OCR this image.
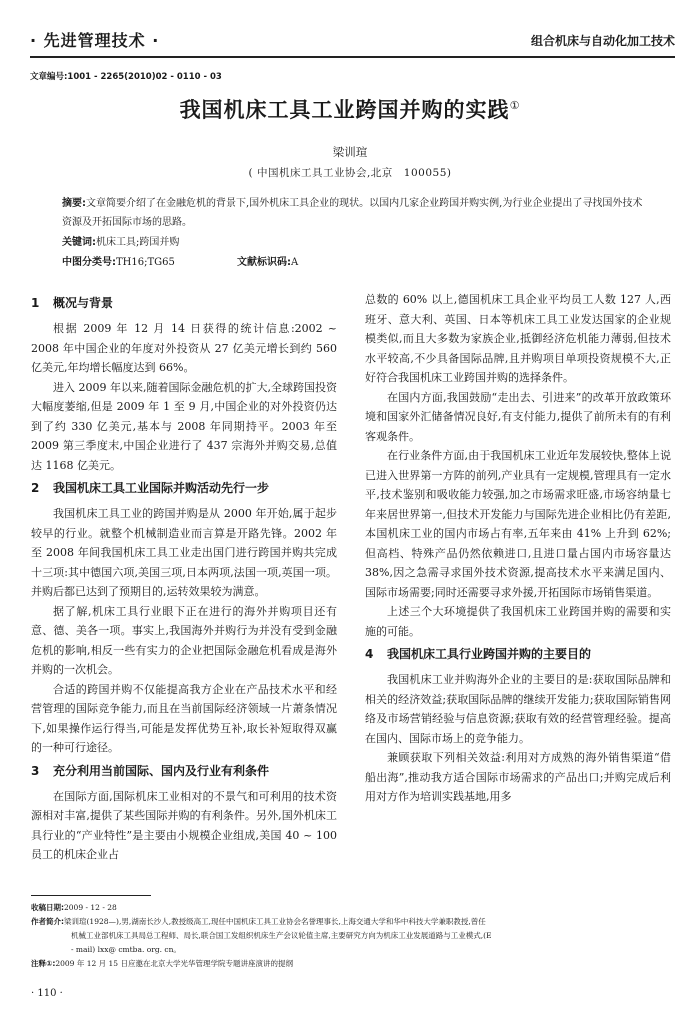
· 先进管理技术 ·	组合机床与自动化加工技术
文章编号:1001 - 2265(2010)02 - 0110 - 03
我国机床工具工业跨国并购的实践①
梁训瑄
( 中国机床工具工业协会,北京　100055)
摘要:文章简要介绍了在金融危机的背景下,国外机床工具企业的现状。以国内几家企业跨国并购实例,为行业企业提出了寻找国外技术资源及开拓国际市场的思路。
关键词:机床工具;跨国并购
中图分类号:TH16;TG65	文献标识码:A
1 概况与背景

根据 2009 年 12 月 14 日获得的统计信息:2002 ~ 2008 年中国企业的年度对外投资从 27 亿美元增长到约 560 亿美元,年均增长幅度达到 66%。

进入 2009 年以来,随着国际金融危机的扩大,全球跨国投资大幅度萎缩,但是 2009 年 1 至 9 月,中国企业的对外投资仍达到了约 330 亿美元,基本与 2008 年同期持平。2003 年至 2009 第三季度末,中国企业进行了 437 宗海外并购交易,总值达 1168 亿美元。

2 我国机床工具工业国际并购活动先行一步

我国机床工具工业的跨国并购是从 2000 年开始,属于起步较早的行业。就整个机械制造业而言算是开路先锋。2002 年至 2008 年间我国机床工具工业走出国门进行跨国并购共完成十三项:其中德国六项,美国三项,日本两项,法国一项,英国一项。并购后都已达到了预期目的,运转效果较为满意。

据了解,机床工具行业眼下正在进行的海外并购项目还有意、德、美各一项。事实上,我国海外并购行为并没有受到金融危机的影响,相反一些有实力的企业把国际金融危机看成是海外并购的一次机会。

合适的跨国并购不仅能提高我方企业在产品技术水平和经营管理的国际竞争能力,而且在当前国际经济领域一片萧条情况下,如果操作运行得当,可能是发挥优势互补,取长补短取得双赢的一种可行途径。

3 充分利用当前国际、国内及行业有利条件

在国际方面,国际机床工业相对的不景气和可利用的技术资源相对丰富,提供了某些国际并购的有利条件。另外,国外机床工具行业的“产业特性”是主要由小规模企业组成,美国 40 ~ 100 员工的机床企业占

总数的 60% 以上,德国机床工具企业平均员工人数 127 人,西班牙、意大利、英国、日本等机床工具工业发达国家的企业规模类似,而且大多数为家族企业,抵御经济危机能力薄弱,但技术水平较高,不少具备国际品牌,且并购项目单项投资规模不大,正好符合我国机床工业跨国并购的选择条件。

在国内方面,我国鼓励“走出去、引进来”的改革开放政策环境和国家外汇储备情况良好,有支付能力,提供了前所未有的有利客观条件。

在行业条件方面,由于我国机床工业近年发展较快,整体上说已进入世界第一方阵的前列,产业具有一定规模,管理具有一定水平,技术鉴别和吸收能力较强,加之市场需求旺盛,市场容纳量七年来居世界第一,但技术开发能力与国际先进企业相比仍有差距,本国机床工业的国内市场占有率,五年来由 41% 上升到 62%;但高档、特殊产品仍然依赖进口,且进口量占国内市场容量达 38%,因之急需寻求国外技术资源,提高技术水平来满足国内、国际市场需要;同时还需要寻求外援,开拓国际市场销售渠道。

上述三个大环境提供了我国机床工业跨国并购的需要和实施的可能。

4 我国机床工具行业跨国并购的主要目的

我国机床工业并购海外企业的主要目的是:获取国际品牌和相关的经济效益;获取国际品牌的继续开发能力;获取国际销售网络及市场营销经验与信息资源;获取有效的经营管理经验。提高在国内、国际市场上的竞争能力。

兼顾获取下列相关效益:利用对方成熟的海外销售渠道“借船出海”,推动我方适合国际市场需求的产品出口;并购完成后利用对方作为培训实践基地,用多

收稿日期:2009 - 12 - 28
作者简介:梁训瑄(1928—),男,湖南长沙人,教授级高工,现任中国机床工具工业协会名誉理事长,上海交通大学和华中科技大学兼职教授,曾任
机械工业部机床工具局总工程师、局长,联合国工发组织机床生产会议轮值主席,主要研究方向为机床工业发展道路与工业模式,(E
- mail) lxx@ cmtba. org. cn。
注释①:2009 年 12 月 15 日应邀在北京大学光华管理学院专题讲座演讲的提纲
· 110 ·
